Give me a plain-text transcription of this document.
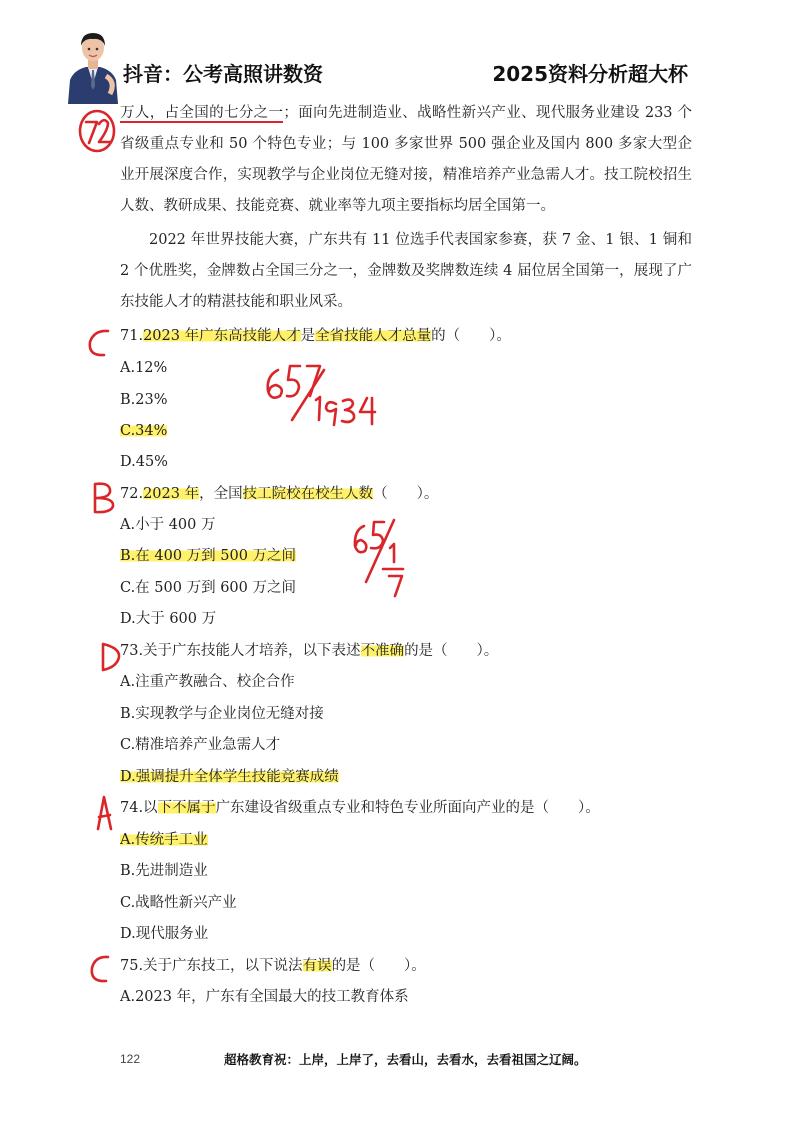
抖音：公考高照讲数资	2025资料分析超大杯
万人，占全国的七分之一；面向先进制造业、战略性新兴产业、现代服务业建设 233 个省级重点专业和 50 个特色专业；与 100 多家世界 500 强企业及国内 800 多家大型企业开展深度合作，实现教学与企业岗位无缝对接，精准培养产业急需人才。技工院校招生人数、教研成果、技能竞赛、就业率等九项主要指标均居全国第一。
2022 年世界技能大赛，广东共有 11 位选手代表国家参赛，获 7 金、1 银、1 铜和 2 个优胜奖，金牌数占全国三分之一，金牌数及奖牌数连续 4 届位居全国第一，展现了广东技能人才的精湛技能和职业风采。
71.2023 年广东高技能人才是全省技能人才总量的（　　）。
A.12%
B.23%
C.34%
D.45%
72.2023 年，全国技工院校在校生人数（　　）。
A.小于 400 万
B.在 400 万到 500 万之间
C.在 500 万到 600 万之间
D.大于 600 万
73.关于广东技能人才培养，以下表述不准确的是（　　）。
A.注重产教融合、校企合作
B.实现教学与企业岗位无缝对接
C.精准培养产业急需人才
D.强调提升全体学生技能竞赛成绩
74.以下不属于广东建设省级重点专业和特色专业所面向产业的是（　　）。
A.传统手工业
B.先进制造业
C.战略性新兴产业
D.现代服务业
75.关于广东技工，以下说法有误的是（　　）。
A.2023 年，广东有全国最大的技工教育体系
122	超格教育祝：上岸，上岸了，去看山，去看水，去看祖国之辽阔。
